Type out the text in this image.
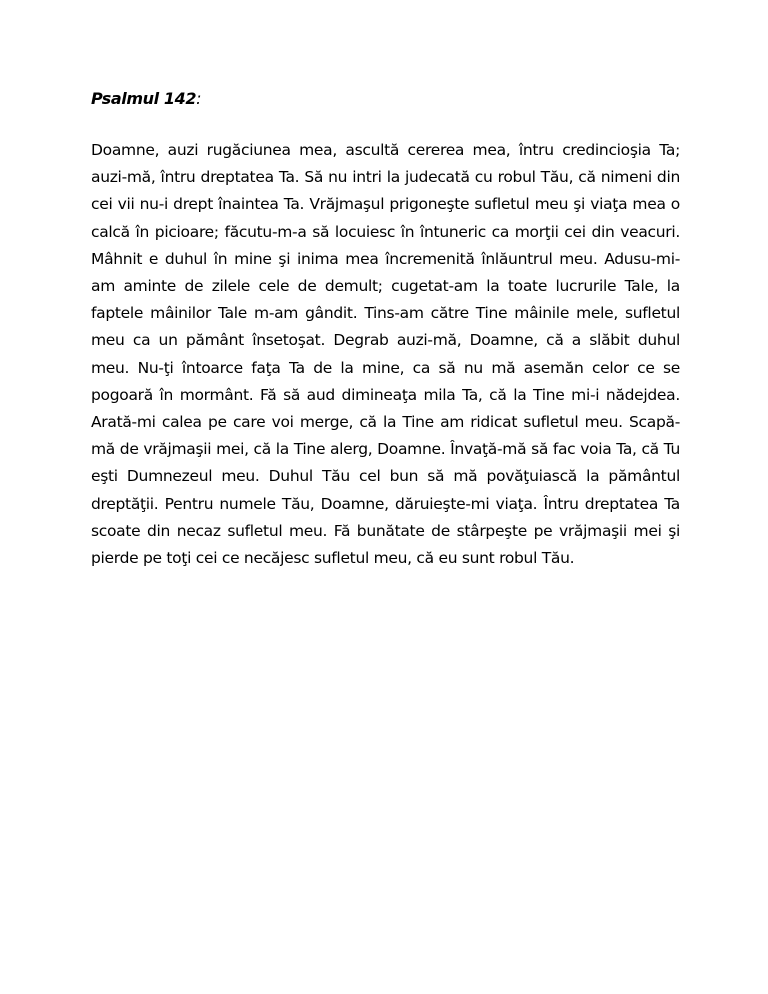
Psalmul 142:

Doamne, auzi rugăciunea mea, ascultă cererea mea, întru credincioşia Ta; auzi-mă, întru dreptatea Ta. Să nu intri la judecată cu robul Tău, că nimeni din cei vii nu-i drept înaintea Ta. Vrăjmaşul prigoneşte sufletul meu şi viaţa mea o calcă în picioare; făcutu-m-a să locuiesc în întuneric ca morţii cei din veacuri. Mâhnit e duhul în mine şi inima mea încremenită înlăuntrul meu. Adusu-mi-am aminte de zilele cele de demult; cugetat-am la toate lucrurile Tale, la faptele mâinilor Tale m-am gândit. Tins-am către Tine mâinile mele, sufletul meu ca un pământ însetoşat. Degrab auzi-mă, Doamne, că a slăbit duhul meu. Nu-ţi întoarce faţa Ta de la mine, ca să nu mă asemăn celor ce se pogoară în mormânt. Fă să aud dimineaţa mila Ta, că la Tine mi-i nădejdea. Arată-mi calea pe care voi merge, că la Tine am ridicat sufletul meu. Scapă-mă de vrăjmaşii mei, că la Tine alerg, Doamne. Învaţă-mă să fac voia Ta, că Tu eşti Dumnezeul meu. Duhul Tău cel bun să mă povăţuiască la pământul dreptăţii. Pentru numele Tău, Doamne, dăruieşte-mi viaţa. Întru dreptatea Ta scoate din necaz sufletul meu. Fă bunătate de stârpeşte pe vrăjmaşii mei şi pierde pe toţi cei ce necăjesc sufletul meu, că eu sunt robul Tău.
